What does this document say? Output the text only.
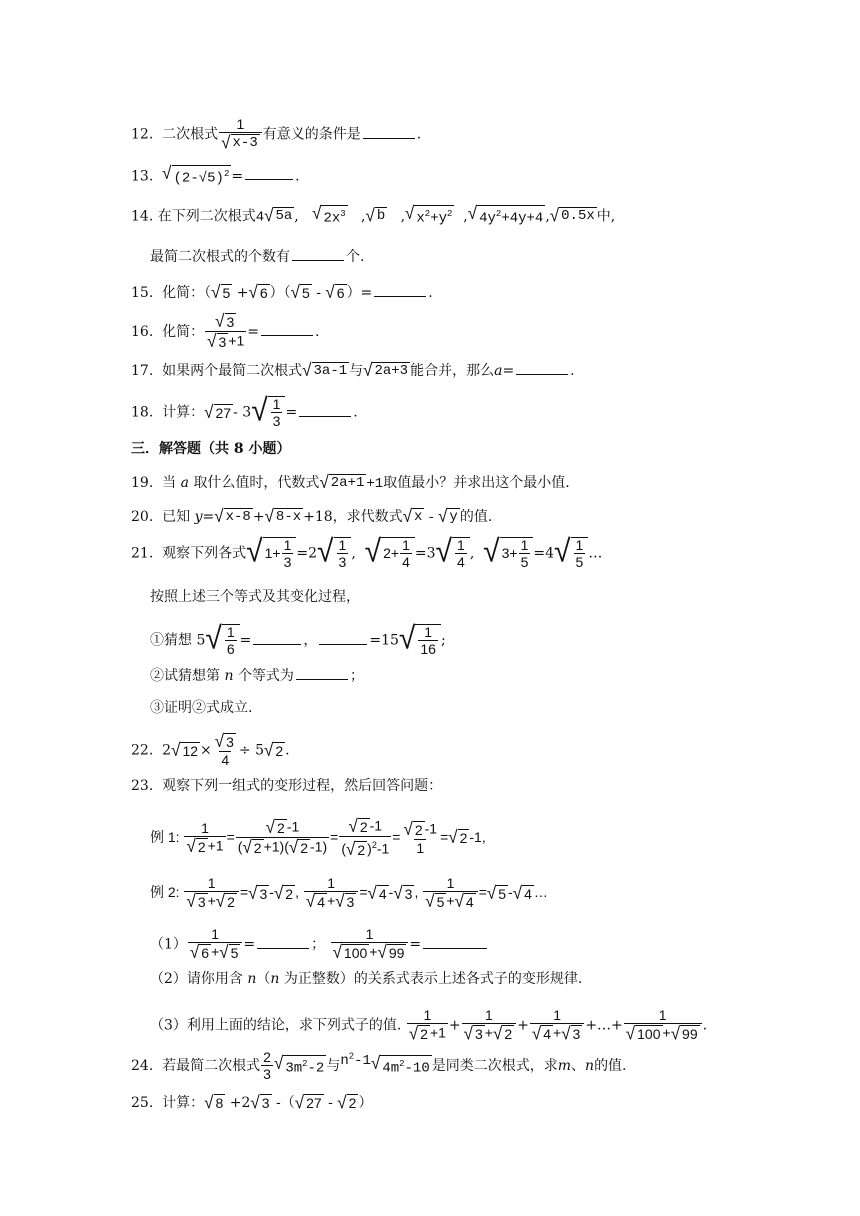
12. 二次根式 $\frac{1}{√ x-3}$ 有意义的条件是	.
13. √ $(2-√5)^2$ =	.
14. 在下列二次根式4 √ 5a , √ $2x^3$ , √ b , √ $x^2+y^2$ , √ $4y^2+4y+4$ , √ 0.5x 中,
最简二次根式的个数有	个.
15. 化简：（ √ 5 + √ 6 ）（ √ 5 - √ 6 ）=	.
16. 化简： $\frac{√ 3}{√ 3 +1}$ =	.
17. 如果两个最简二次根式 √ 3a-1 与 √ 2a+3 能合并，那么a=	.
18. 计算： √ 27 - 3 √ $\frac{1}{3}$ =	.
三．解答题（共 8 小题）
19. 当 a 取什么值时，代数式 √ 2a+1 +1取值最小？并求出这个最小值.
20. 已知 y= √ x-8 + √ 8-x +18，求代数式 √ x - √ y 的值.
21. 观察下列各式 √ $1+ \frac{1}{3} =2$ √ $\frac{1}{3}$ , √ $2+ \frac{1}{4} =3$ √ $\frac{1}{4}$ , √ $3+ \frac{1}{5} =4$ √ $\frac{1}{5}$ …
按照上述三个等式及其变化过程，
①猜想 5 √ $\frac{1}{6}$ =	，	=15 √ $\frac{1}{16}$ ;
②试猜想第 n 个等式为	；
③证明②式成立.
22. 2 √ $12 \times \frac{√ 3}{4} \div 5$ √ 2 .
23. 观察下列一组式的变形过程，然后回答问题：
例 1: $\frac{1}{√ 2 +1} = \frac{√ 2 -1}{( √ 2 +1)( √ 2 -1)} = \frac{√ 2 -1}{( √ 2 )^2-1} = \frac{√ 2 -1}{1}$ = √ 2 -1,
例 2: $\frac{1}{√ 3 + √ 2}$ = √ 3 - √ 2 , $\frac{1}{√ 4 + √ 3}$ = √ 4 - √ 3 , $\frac{1}{√ 5 + √ 4}$ = √ 5 - √ 4 …
$(1) \frac{1}{√ 6 + √ 5}$ =	； $\frac{1}{√ 100 + √ 99}$ =
（2）请你用含 n（n 为正整数）的关系式表示上述各式子的变形规律.
（3）利用上面的结论，求下列式子的值. $\frac{1}{√ 2 +1} + \frac{1}{√ 3 + √ 2} + \frac{1}{√ 4 + √ 3}$ +…+ $\frac{1}{√ 100 + √ 99}$ .
24. 若最简二次根式 $\frac{2}{3}$ √ $3m^2-2$ 与$^{n^2-1}$ √ $4m^2-10$ 是同类二次根式，求m、n的值.
25. 计算： √ 8 +2 √ 3 -（ √ 27 - √ 2 ）
